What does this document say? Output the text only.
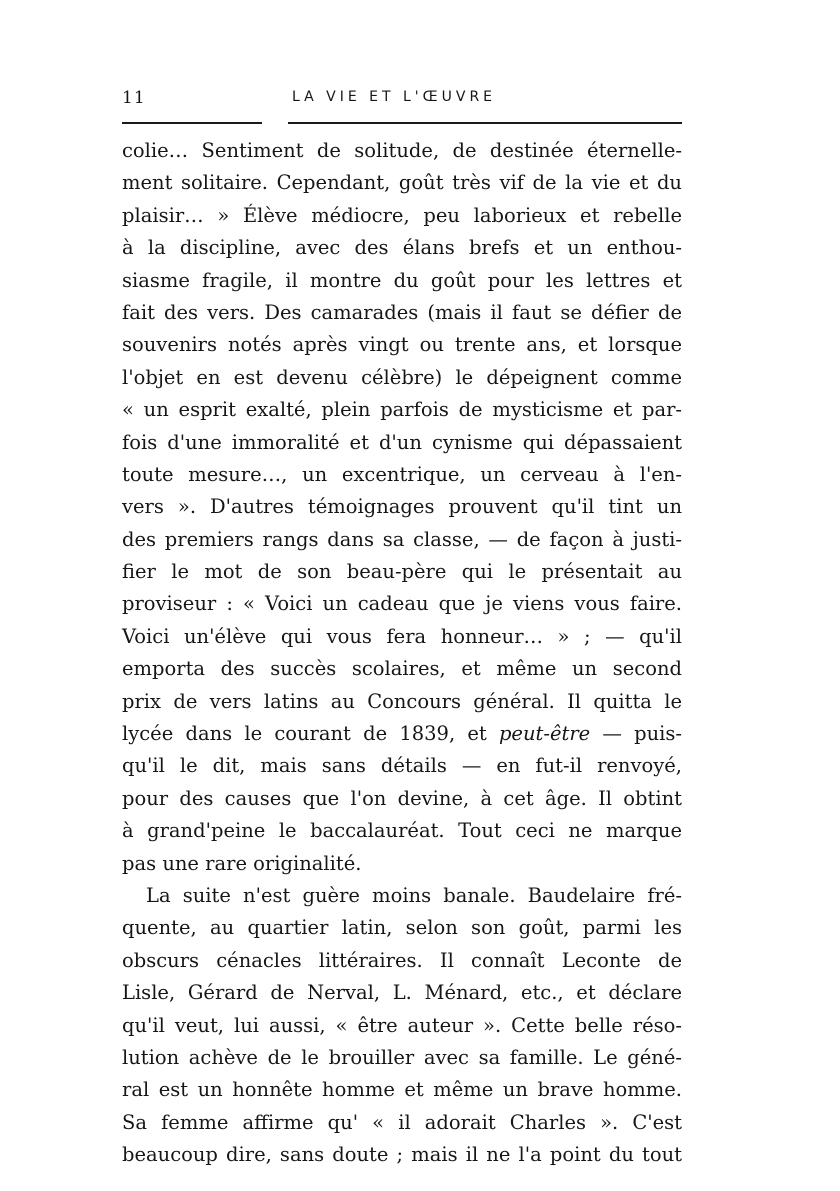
11	LA VIE ET L'ŒUVRE
colie… Sentiment de solitude, de destinée éternelle-
ment solitaire. Cependant, goût très vif de la vie et du
plaisir… » Élève médiocre, peu laborieux et rebelle
à la discipline, avec des élans brefs et un enthou-
siasme fragile, il montre du goût pour les lettres et
fait des vers. Des camarades (mais il faut se défier de
souvenirs notés après vingt ou trente ans, et lorsque
l'objet en est devenu célèbre) le dépeignent comme
« un esprit exalté, plein parfois de mysticisme et par-
fois d'une immoralité et d'un cynisme qui dépassaient
toute mesure…, un excentrique, un cerveau à l'en-
vers ». D'autres témoignages prouvent qu'il tint un
des premiers rangs dans sa classe, — de façon à justi-
fier le mot de son beau-père qui le présentait au
proviseur : « Voici un cadeau que je viens vous faire.
Voici un'élève qui vous fera honneur… » ; — qu'il
emporta des succès scolaires, et même un second
prix de vers latins au Concours général. Il quitta le
lycée dans le courant de 1839, et peut-être — puis-
qu'il le dit, mais sans détails — en fut-il renvoyé,
pour des causes que l'on devine, à cet âge. Il obtint
à grand'peine le baccalauréat. Tout ceci ne marque
pas une rare originalité.
La suite n'est guère moins banale. Baudelaire fré-
quente, au quartier latin, selon son goût, parmi les
obscurs cénacles littéraires. Il connaît Leconte de
Lisle, Gérard de Nerval, L. Ménard, etc., et déclare
qu'il veut, lui aussi, « être auteur ». Cette belle réso-
lution achève de le brouiller avec sa famille. Le géné-
ral est un honnête homme et même un brave homme.
Sa femme affirme qu' « il adorait Charles ». C'est
beaucoup dire, sans doute ; mais il ne l'a point du tout
